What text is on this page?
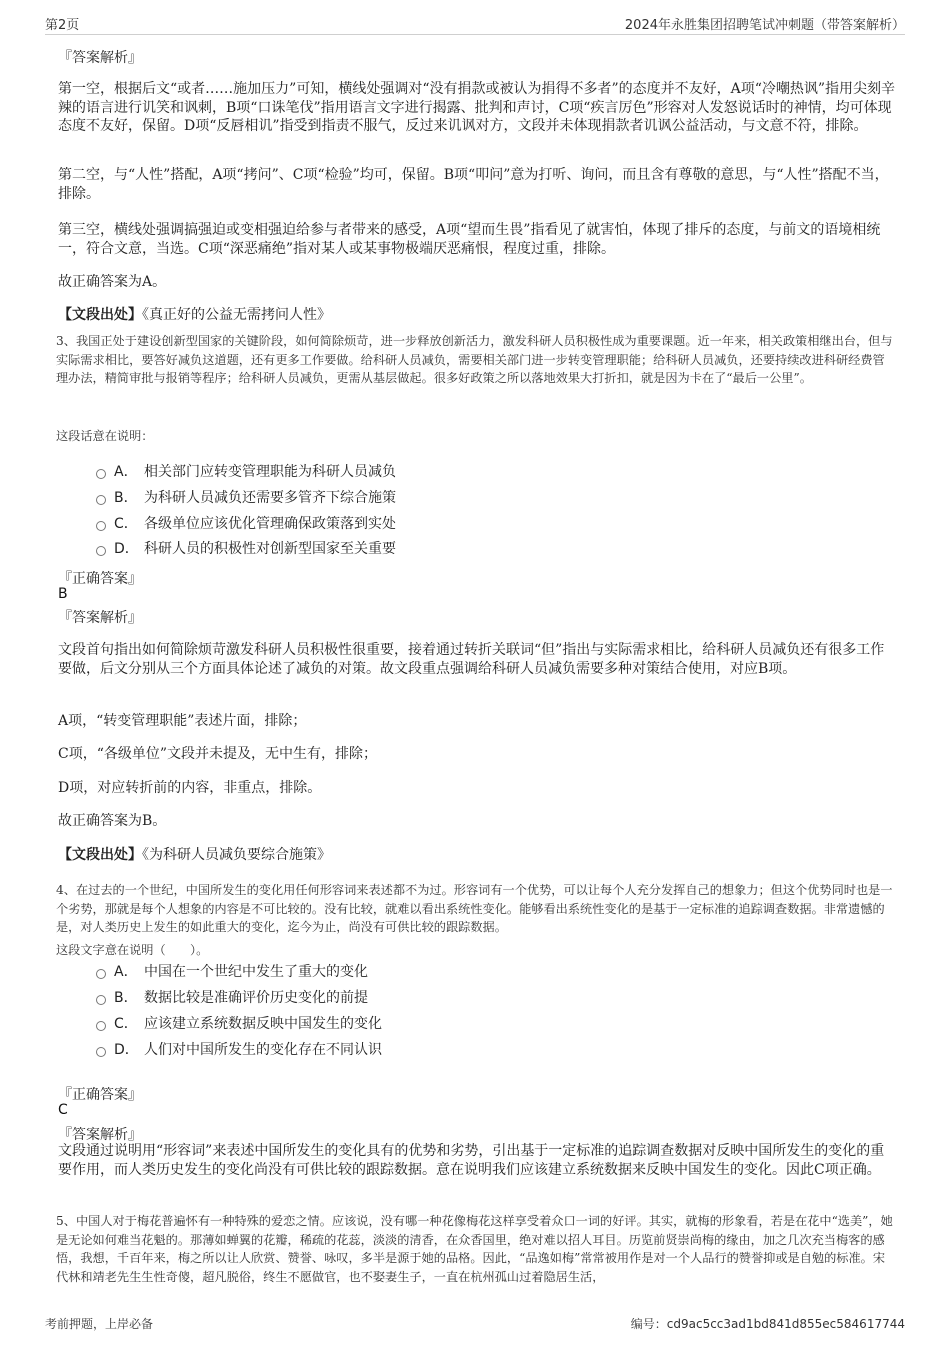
第2页	2024年永胜集团招聘笔试冲刺题（带答案解析）

『答案解析』

第一空，根据后文“或者……施加压力”可知，横线处强调对“没有捐款或被认为捐得不多者”的态度并不友好，A项“冷嘲热讽”指用尖刻辛辣的语言进行讥笑和讽刺，B项“口诛笔伐”指用语言文字进行揭露、批判和声讨，C项“疾言厉色”形容对人发怒说话时的神情，均可体现态度不友好，保留。D项“反唇相讥”指受到指责不服气，反过来讥讽对方，文段并未体现捐款者讥讽公益活动，与文意不符，排除。

第二空，与“人性”搭配，A项“拷问”、C项“检验”均可，保留。B项“叩问”意为打听、询问，而且含有尊敬的意思，与“人性”搭配不当，排除。

第三空，横线处强调搞强迫或变相强迫给参与者带来的感受，A项“望而生畏”指看见了就害怕，体现了排斥的态度，与前文的语境相统一，符合文意，当选。C项“深恶痛绝”指对某人或某事物极端厌恶痛恨，程度过重，排除。

故正确答案为A。

【文段出处】《真正好的公益无需拷问人性》

3、我国正处于建设创新型国家的关键阶段，如何简除烦苛，进一步释放创新活力，激发科研人员积极性成为重要课题。近一年来，相关政策相继出台，但与实际需求相比，要答好减负这道题，还有更多工作要做。给科研人员减负，需要相关部门进一步转变管理职能；给科研人员减负，还要持续改进科研经费管理办法，精简审批与报销等程序；给科研人员减负，更需从基层做起。很多好政策之所以落地效果大打折扣，就是因为卡在了“最后一公里”。

这段话意在说明：

A． 相关部门应转变管理职能为科研人员减负
B． 为科研人员减负还需要多管齐下综合施策
C． 各级单位应该优化管理确保政策落到实处
D． 科研人员的积极性对创新型国家至关重要

『正确答案』

B

『答案解析』

文段首句指出如何简除烦苛激发科研人员积极性很重要，接着通过转折关联词“但”指出与实际需求相比，给科研人员减负还有很多工作要做，后文分别从三个方面具体论述了减负的对策。故文段重点强调给科研人员减负需要多种对策结合使用，对应B项。

A项，“转变管理职能”表述片面，排除；

C项，“各级单位”文段并未提及，无中生有，排除；

D项，对应转折前的内容，非重点，排除。

故正确答案为B。

【文段出处】《为科研人员减负要综合施策》

4、在过去的一个世纪，中国所发生的变化用任何形容词来表述都不为过。形容词有一个优势，可以让每个人充分发挥自己的想象力；但这个优势同时也是一个劣势，那就是每个人想象的内容是不可比较的。没有比较，就难以看出系统性变化。能够看出系统性变化的是基于一定标准的追踪调查数据。非常遗憾的是，对人类历史上发生的如此重大的变化，迄今为止，尚没有可供比较的跟踪数据。

这段文字意在说明（　　）。

A． 中国在一个世纪中发生了重大的变化
B． 数据比较是准确评价历史变化的前提
C． 应该建立系统数据反映中国发生的变化
D． 人们对中国所发生的变化存在不同认识

『正确答案』

C

『答案解析』

文段通过说明用“形容词”来表述中国所发生的变化具有的优势和劣势，引出基于一定标准的追踪调查数据对反映中国所发生的变化的重要作用，而人类历史发生的变化尚没有可供比较的跟踪数据。意在说明我们应该建立系统数据来反映中国发生的变化。因此C项正确。

5、中国人对于梅花普遍怀有一种特殊的爱恋之情。应该说，没有哪一种花像梅花这样享受着众口一词的好评。其实，就梅的形象看，若是在花中“选美”，她是无论如何难当花魁的。那薄如蝉翼的花瓣，稀疏的花蕊，淡淡的清香，在众香国里，绝对难以招人耳目。历览前贤崇尚梅的缘由，加之几次充当梅客的感悟，我想，千百年来，梅之所以让人欣赏、赞誉、咏叹，多半是源于她的品格。因此，“品逸如梅”常常被用作是对一个人品行的赞誉抑或是自勉的标准。宋代林和靖老先生生性奇傻，超凡脱俗，终生不愿做官，也不娶妻生子，一直在杭州孤山过着隐居生活，

考前押题，上岸必备	编号：cd9ac5cc3ad1bd841d855ec584617744
